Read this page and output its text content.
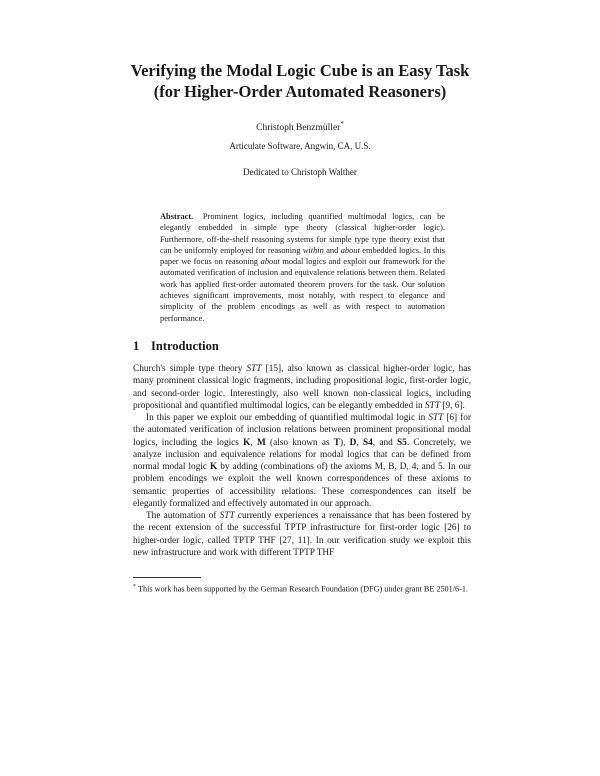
Verifying the Modal Logic Cube is an Easy Task
(for Higher-Order Automated Reasoners)
Christoph Benzmüller*
Articulate Software, Angwin, CA, U.S.
Dedicated to Christoph Walther

Abstract. Prominent logics, including quantified multimodal logics, can be elegantly embedded in simple type theory (classical higher-order logic). Furthermore, off-the-shelf reasoning systems for simple type type theory exist that can be uniformly employed for reasoning within and about embedded logics. In this paper we focus on reasoning about modal logics and exploit our framework for the automated verification of inclusion and equivalence relations between them. Related work has applied first-order automated theorem provers for the task. Our solution achieves significant improvements, most notably, with respect to elegance and simplicity of the problem encodings as well as with respect to automation performance.

1 Introduction

Church's simple type theory STT [15], also known as classical higher-order logic, has many prominent classical logic fragments, including propositional logic, first-order logic, and second-order logic. Interestingly, also well known non-classical logics, including propositional and quantified multimodal logics, can be elegantly embedded in STT [9, 6].

In this paper we exploit our embedding of quantified multimodal logic in STT [6] for the automated verification of inclusion relations between prominent propositional modal logics, including the logics K, M (also known as T), D, S4, and S5. Concretely, we analyze inclusion and equivalence relations for modal logics that can be defined from normal modal logic K by adding (combinations of) the axioms M, B, D, 4, and 5. In our problem encodings we exploit the well known correspondences of these axioms to semantic properties of accessibility relations. These correspondences can itself be elegantly formalized and effectively automated in our approach.

The automation of STT currently experiences a renaissance that has been fostered by the recent extension of the successful TPTP infrastructure for first-order logic [26] to higher-order logic, called TPTP THF [27, 11]. In our verification study we exploit this new infrastructure and work with different TPTP THF

* This work has been supported by the German Research Foundation (DFG) under grant BE 2501/6-1.
